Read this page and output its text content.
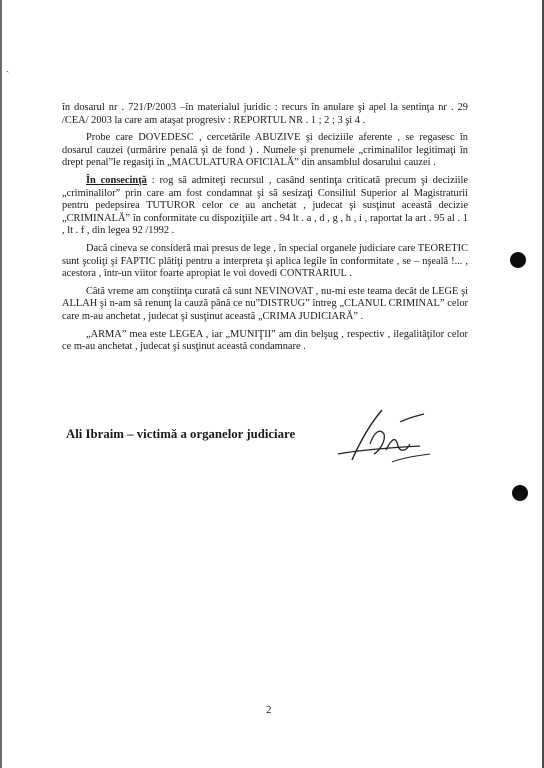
ˏ

în dosarul nr . 721/P/2003 –în materialul juridic : recurs în anulare şi apel la sentinţa nr . 29 /CEA/ 2003 la care am ataşat progresiv : REPORTUL NR . 1 ; 2 ; 3 şi 4 .

Probe care DOVEDESC , cercetările ABUZIVE şi deciziile aferente , se regasesc în dosarul cauzei (urmărire penală şi de fond ) . Numele şi prenumele „criminalilor legitimaţi în drept penal”le regasiţi în „MACULATURA OFICIALĂ” din ansamblul dosarului cauzei .

În consecinţă : rog să admiteţi recursul , casând sentinţa criticată precum şi deciziile „criminalilor” prin care am fost condamnat şi să sesizaţi Consiliul Superior al Magistraturii pentru pedepsirea TUTUROR celor ce au anchetat , judecat şi susţinut această decizie „CRIMINALĂ” în conformitate cu dispoziţiile art . 94 lt . a , d , g , h , i , raportat la art . 95 al . 1 , lt . f , din legea 92 /1992 .

Dacă cineva se consideră mai presus de lege , în special organele judiciare care TEORETIC sunt şcoliţi şi FAPTIC plătiţi pentru a interpreta şi aplica legile în conformitate , se – nşeală !... , acestora , într-un viitor foarte apropiat le voi dovedi CONTRARIUL .

Câtă vreme am conştiinţa curată că sunt NEVINOVAT , nu-mi este teama decât de LEGE şi ALLAH şi n-am să renunţ la cauză până ce nu”DISTRUG” întreg „CLANUL CRIMINAL” celor care m-au anchetat , judecat şi susţinut această „CRIMA JUDICIARĂ” .

„ARMA” mea este LEGEA , iar „MUNIŢII” am din belşug , respectiv , ilegalităţilor celor ce m-au anchetat , judecat şi susţinut această condamnare .

Ali Ibraim – victimă a organelor judiciare
2
